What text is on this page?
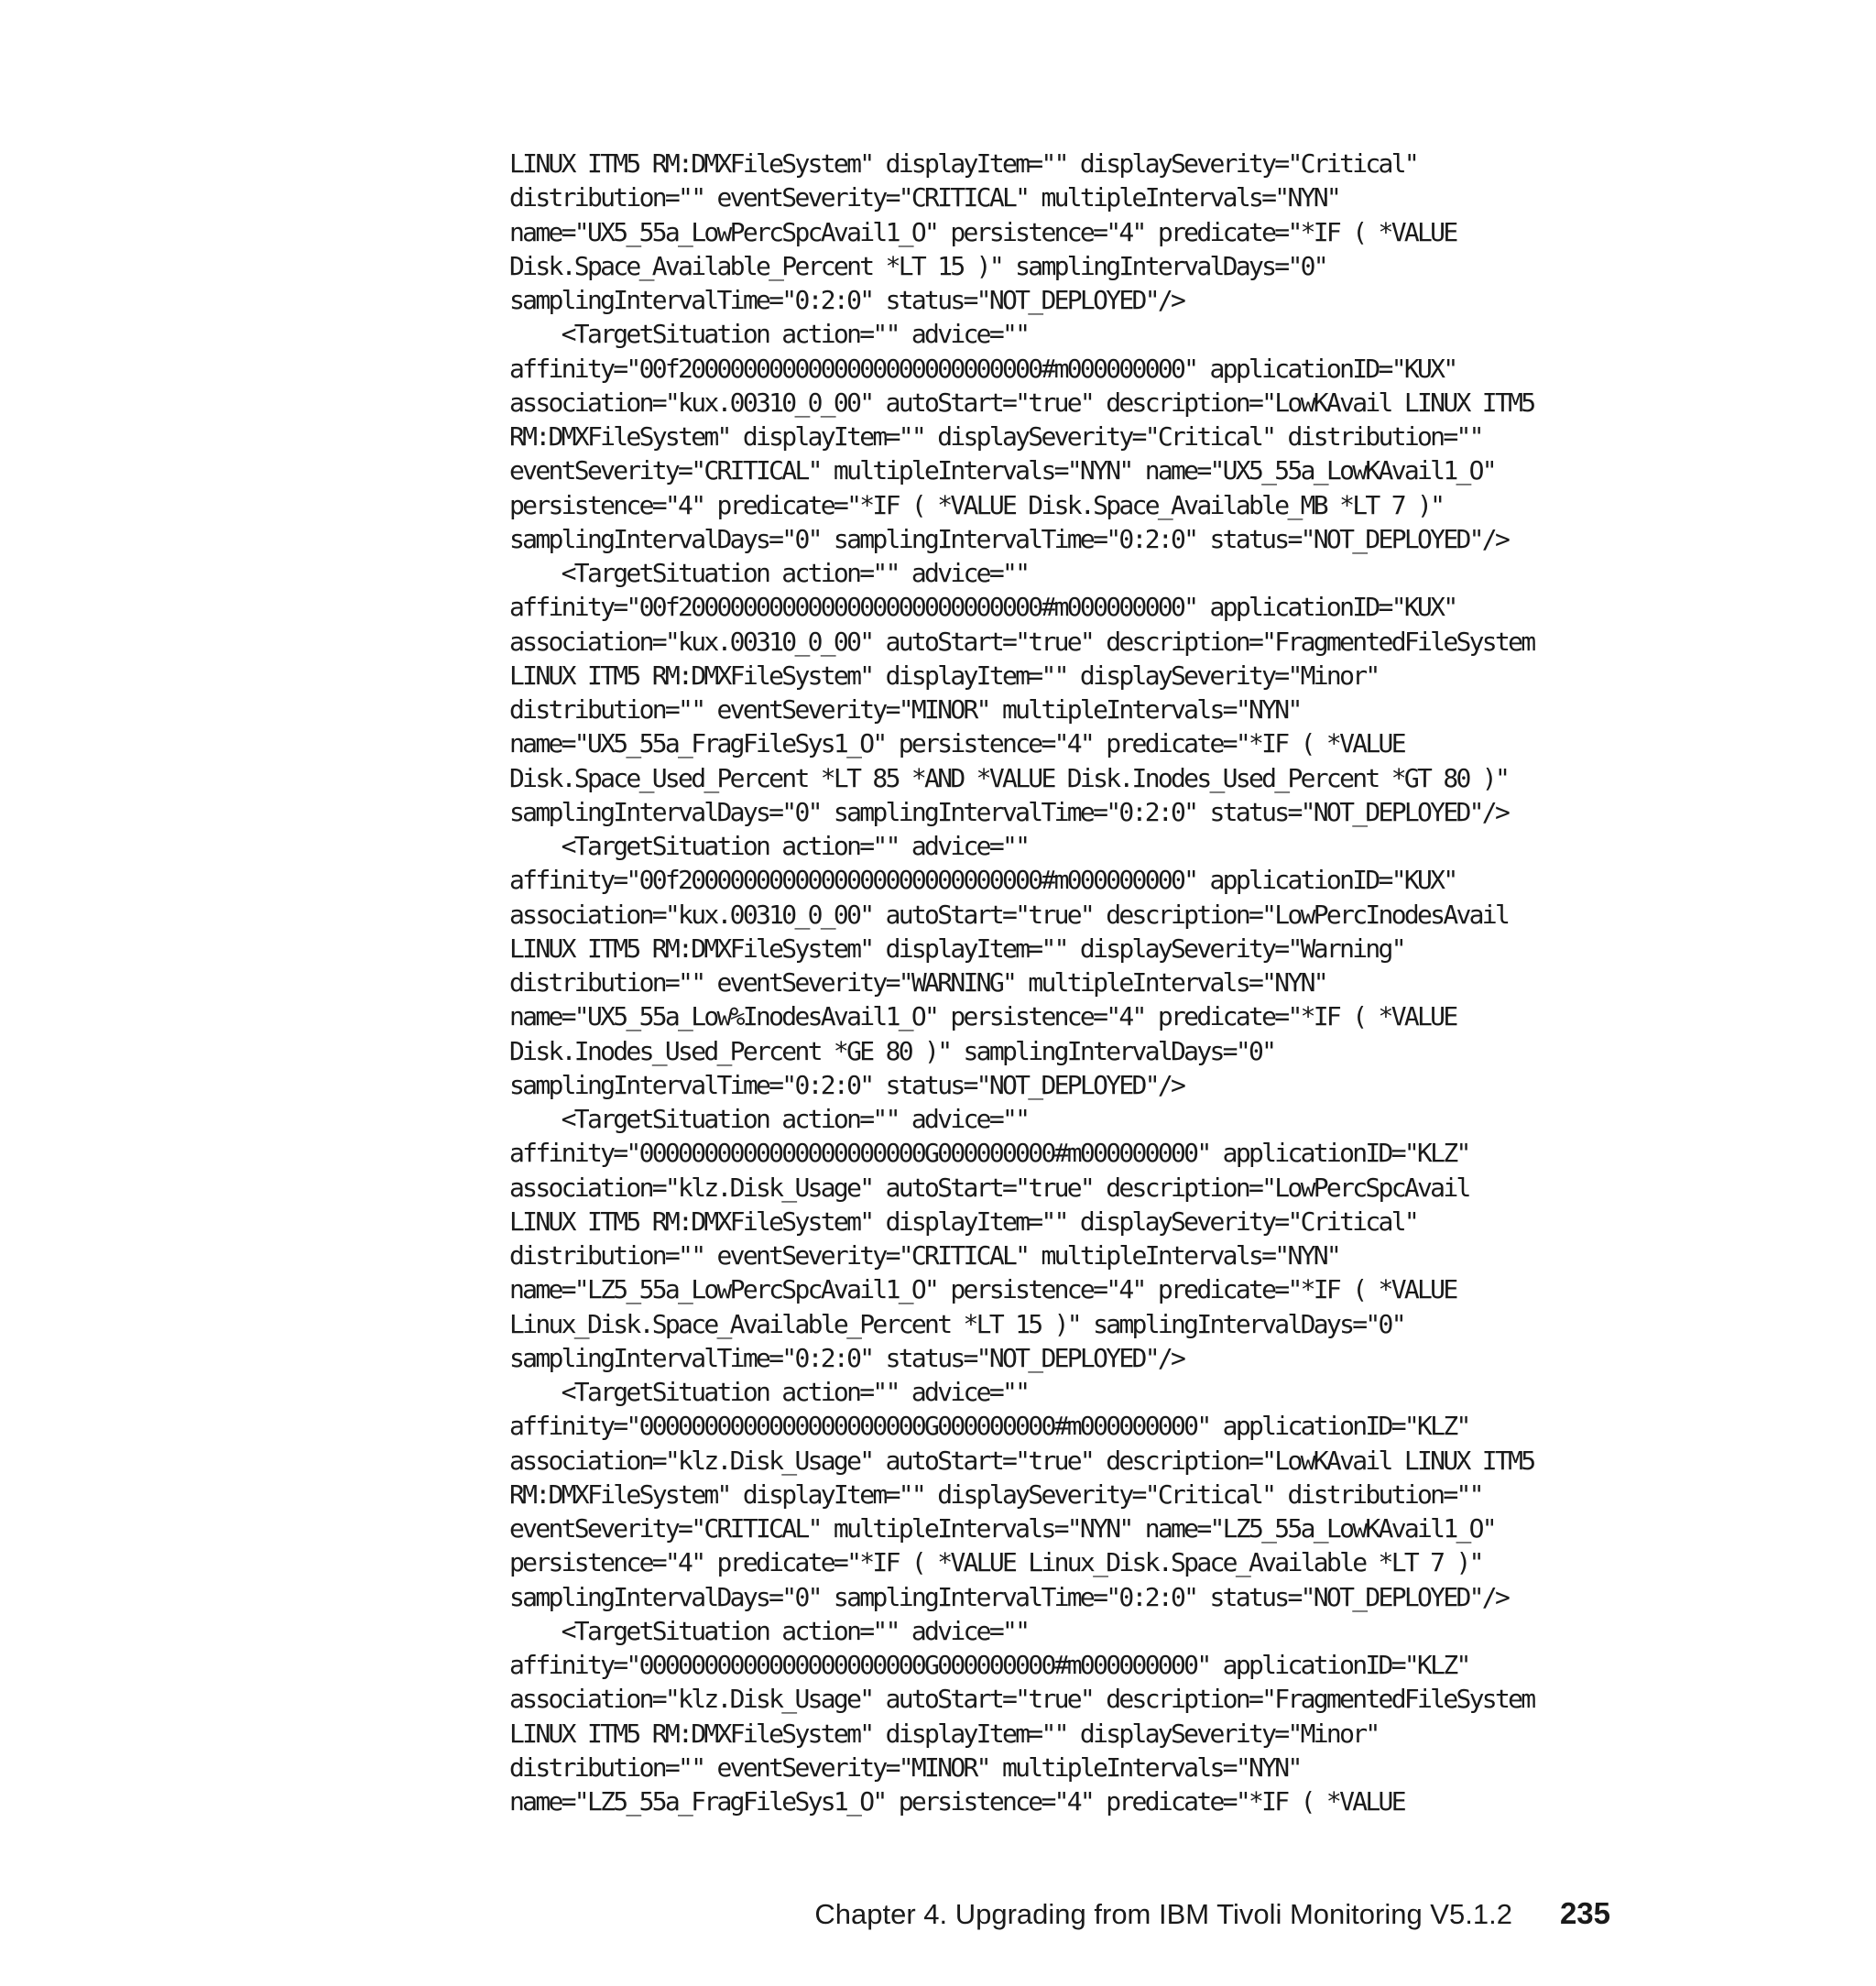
LINUX ITM5 RM:DMXFileSystem" displayItem="" displaySeverity="Critical"
distribution="" eventSeverity="CRITICAL" multipleIntervals="NYN"
name="UX5_55a_LowPercSpcAvail1_O" persistence="4" predicate="*IF ( *VALUE
Disk.Space_Available_Percent *LT 15 )" samplingIntervalDays="0"
samplingIntervalTime="0:2:0" status="NOT_DEPLOYED"/>
<TargetSituation action="" advice=""
affinity="00f2000000000000000000000000000#m000000000" applicationID="KUX"
association="kux.00310_0_00" autoStart="true" description="LowKAvail LINUX ITM5
RM:DMXFileSystem" displayItem="" displaySeverity="Critical" distribution=""
eventSeverity="CRITICAL" multipleIntervals="NYN" name="UX5_55a_LowKAvail1_O"
persistence="4" predicate="*IF ( *VALUE Disk.Space_Available_MB *LT 7 )"
samplingIntervalDays="0" samplingIntervalTime="0:2:0" status="NOT_DEPLOYED"/>
<TargetSituation action="" advice=""
affinity="00f2000000000000000000000000000#m000000000" applicationID="KUX"
association="kux.00310_0_00" autoStart="true" description="FragmentedFileSystem
LINUX ITM5 RM:DMXFileSystem" displayItem="" displaySeverity="Minor"
distribution="" eventSeverity="MINOR" multipleIntervals="NYN"
name="UX5_55a_FragFileSys1_O" persistence="4" predicate="*IF ( *VALUE
Disk.Space_Used_Percent *LT 85 *AND *VALUE Disk.Inodes_Used_Percent *GT 80 )"
samplingIntervalDays="0" samplingIntervalTime="0:2:0" status="NOT_DEPLOYED"/>
<TargetSituation action="" advice=""
affinity="00f2000000000000000000000000000#m000000000" applicationID="KUX"
association="kux.00310_0_00" autoStart="true" description="LowPercInodesAvail
LINUX ITM5 RM:DMXFileSystem" displayItem="" displaySeverity="Warning"
distribution="" eventSeverity="WARNING" multipleIntervals="NYN"
name="UX5_55a_Low%InodesAvail1_O" persistence="4" predicate="*IF ( *VALUE
Disk.Inodes_Used_Percent *GE 80 )" samplingIntervalDays="0"
samplingIntervalTime="0:2:0" status="NOT_DEPLOYED"/>
<TargetSituation action="" advice=""
affinity="0000000000000000000000G000000000#m000000000" applicationID="KLZ"
association="klz.Disk_Usage" autoStart="true" description="LowPercSpcAvail
LINUX ITM5 RM:DMXFileSystem" displayItem="" displaySeverity="Critical"
distribution="" eventSeverity="CRITICAL" multipleIntervals="NYN"
name="LZ5_55a_LowPercSpcAvail1_O" persistence="4" predicate="*IF ( *VALUE
Linux_Disk.Space_Available_Percent *LT 15 )" samplingIntervalDays="0"
samplingIntervalTime="0:2:0" status="NOT_DEPLOYED"/>
<TargetSituation action="" advice=""
affinity="0000000000000000000000G000000000#m000000000" applicationID="KLZ"
association="klz.Disk_Usage" autoStart="true" description="LowKAvail LINUX ITM5
RM:DMXFileSystem" displayItem="" displaySeverity="Critical" distribution=""
eventSeverity="CRITICAL" multipleIntervals="NYN" name="LZ5_55a_LowKAvail1_O"
persistence="4" predicate="*IF ( *VALUE Linux_Disk.Space_Available *LT 7 )"
samplingIntervalDays="0" samplingIntervalTime="0:2:0" status="NOT_DEPLOYED"/>
<TargetSituation action="" advice=""
affinity="0000000000000000000000G000000000#m000000000" applicationID="KLZ"
association="klz.Disk_Usage" autoStart="true" description="FragmentedFileSystem
LINUX ITM5 RM:DMXFileSystem" displayItem="" displaySeverity="Minor"
distribution="" eventSeverity="MINOR" multipleIntervals="NYN"
name="LZ5_55a_FragFileSys1_O" persistence="4" predicate="*IF ( *VALUE
Chapter 4. Upgrading from IBM Tivoli Monitoring V5.1.2 235
